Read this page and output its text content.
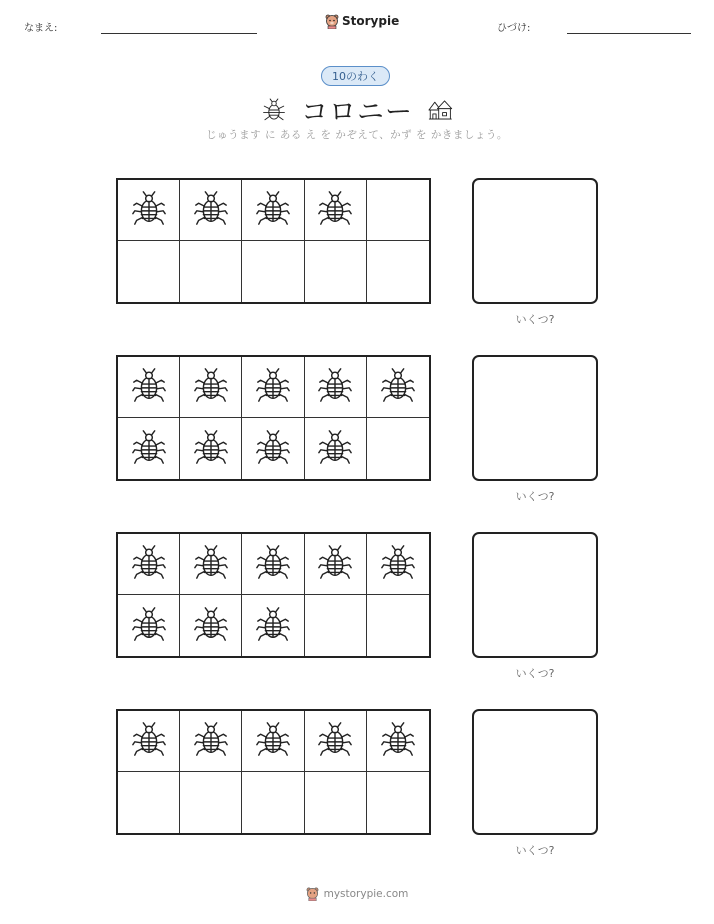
なまえ:
Storypie
ひづけ:
10のわく
コロニー
じゅうます に ある え を かぞえて、かず を かきましょう。
いくつ?
いくつ?
いくつ?
いくつ?
mystorypie.com
